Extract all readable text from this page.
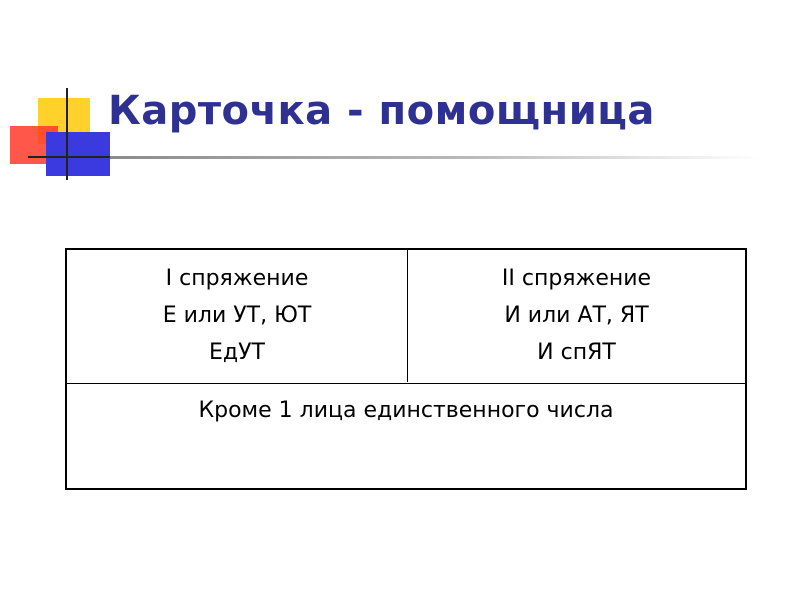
Карточка - помощница
I спряжение
Е или УТ, ЮТ
ЕдУТ
II спряжение
И или АТ, ЯТ
И спЯТ
Кроме 1 лица единственного числа
